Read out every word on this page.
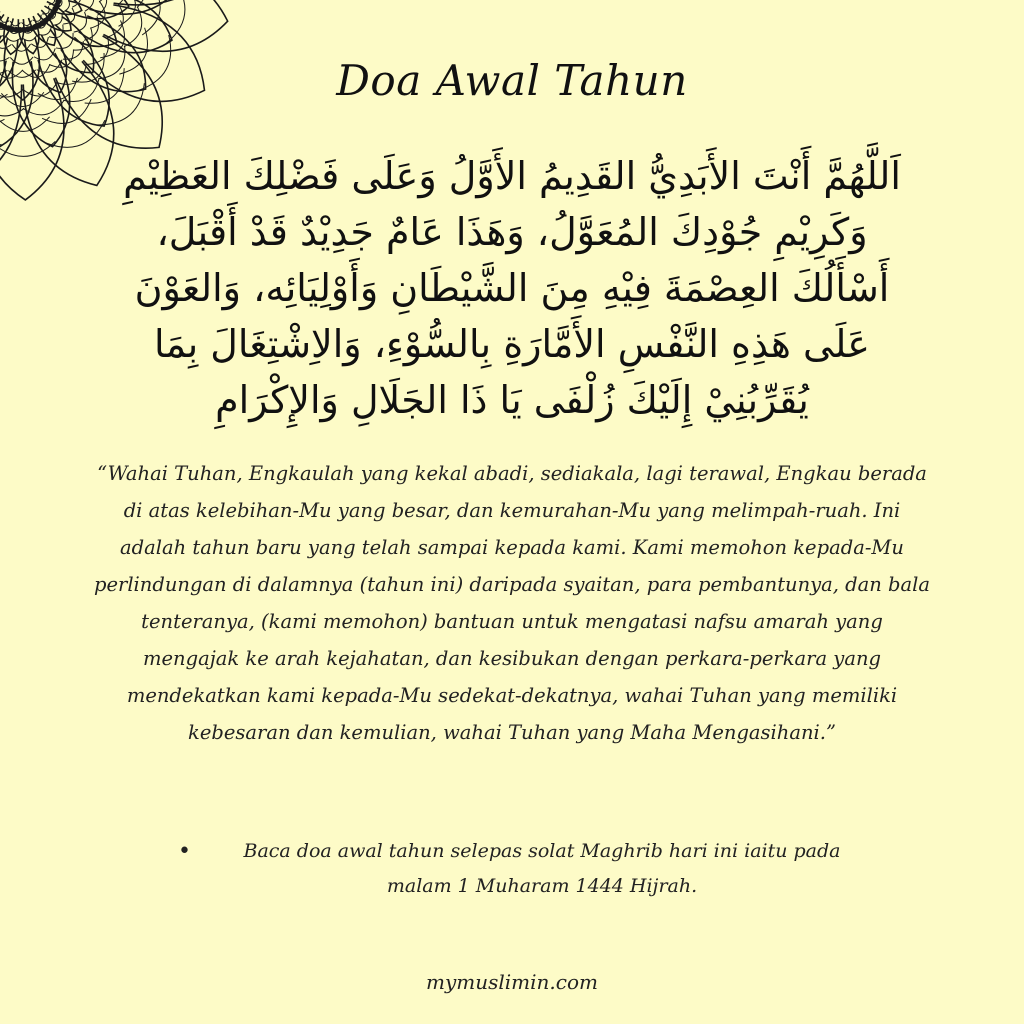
Doa Awal Tahun
اَللَّهُمَّ أَنْتَ الأَبَدِيُّ القَدِيمُ الأَوَّلُ وَعَلَى فَضْلِكَ العَظِيْمِ وَكَرِيْمِ جُوْدِكَ المُعَوَّلُ، وَهَذَا عَامٌ جَدِيْدٌ قَدْ أَقْبَلَ، أَسْأَلُكَ العِصْمَةَ فِيْهِ مِنَ الشَّيْطَانِ وَأَوْلِيَائِه، وَالعَوْنَ عَلَى هَذِهِ النَّفْسِ الأَمَّارَةِ بِالسُّوْءِ، وَالاِشْتِغَالَ بِمَا يُقَرِّبُنِيْ إِلَيْكَ زُلْفَى يَا ذَا الجَلَالِ وَالإِكْرَامِ
“Wahai Tuhan, Engkaulah yang kekal abadi, sediakala, lagi terawal, Engkau berada di atas kelebihan-Mu yang besar, dan kemurahan-Mu yang melimpah-ruah. Ini adalah tahun baru yang telah sampai kepada kami. Kami memohon kepada-Mu perlindungan di dalamnya (tahun ini) daripada syaitan, para pembantunya, dan bala tenteranya, (kami memohon) bantuan untuk mengatasi nafsu amarah yang mengajak ke arah kejahatan, dan kesibukan dengan perkara-perkara yang mendekatkan kami kepada-Mu sedekat-dekatnya, wahai Tuhan yang memiliki kebesaran dan kemulian, wahai Tuhan yang Maha Mengasihani.”
•	Baca doa awal tahun selepas solat Maghrib hari ini iaitu pada malam 1 Muharam 1444 Hijrah.
mymuslimin.com
